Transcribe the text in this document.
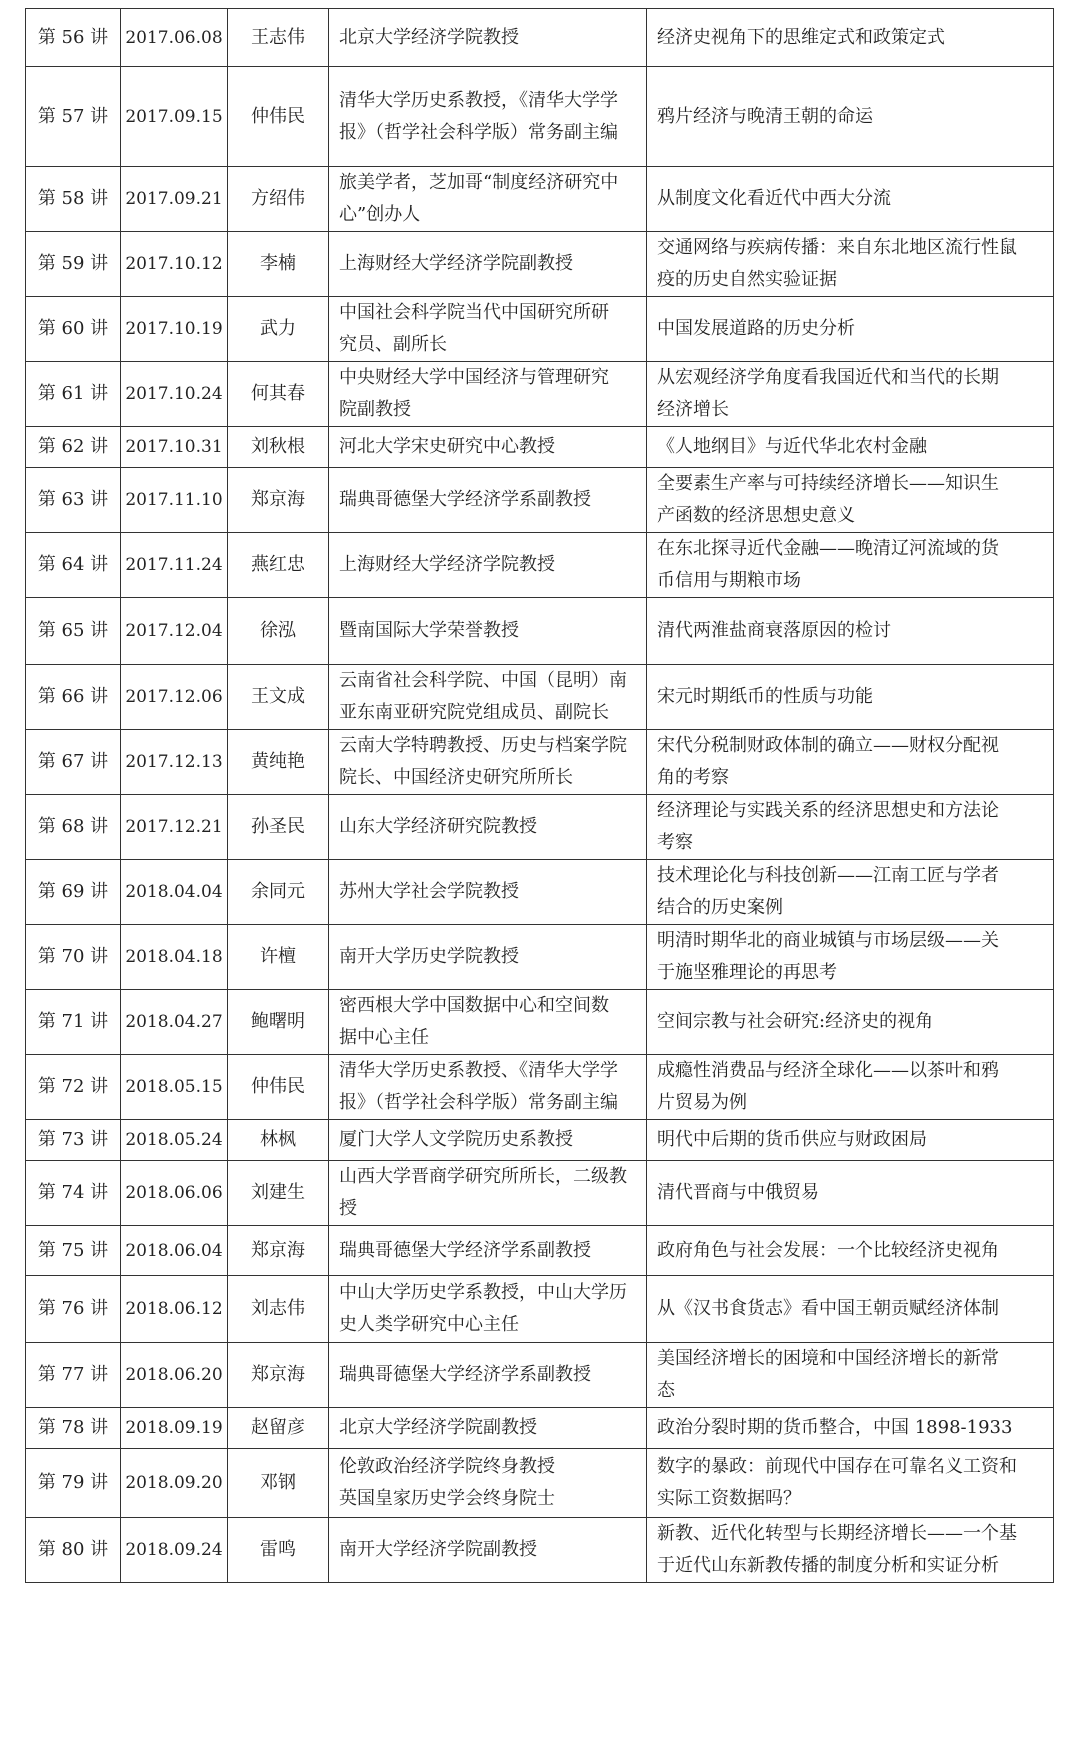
第 56 讲	2017.06.08	王志伟	北京大学经济学院教授	经济史视角下的思维定式和政策定式

第 57 讲	2017.09.15	仲伟民	清华大学历史系教授，《清华大学学
报》（哲学社会科学版）常务副主编	鸦片经济与晚清王朝的命运

第 58 讲	2017.09.21	方绍伟	旅美学者，芝加哥“制度经济研究中
心”创办人	从制度文化看近代中西大分流

第 59 讲	2017.10.12	李楠	上海财经大学经济学院副教授	交通网络与疾病传播：来自东北地区流行性鼠
疫的历史自然实验证据

第 60 讲	2017.10.19	武力	中国社会科学院当代中国研究所研
究员、副所长	中国发展道路的历史分析

第 61 讲	2017.10.24	何其春	中央财经大学中国经济与管理研究
院副教授	从宏观经济学角度看我国近代和当代的长期
经济增长

第 62 讲	2017.10.31	刘秋根	河北大学宋史研究中心教授	《人地纲目》与近代华北农村金融

第 63 讲	2017.11.10	郑京海	瑞典哥德堡大学经济学系副教授	全要素生产率与可持续经济增长——知识生
产函数的经济思想史意义

第 64 讲	2017.11.24	燕红忠	上海财经大学经济学院教授	在东北探寻近代金融——晚清辽河流域的货
币信用与期粮市场

第 65 讲	2017.12.04	徐泓	暨南国际大学荣誉教授	清代两淮盐商衰落原因的检讨

第 66 讲	2017.12.06	王文成	云南省社会科学院、中国（昆明）南
亚东南亚研究院党组成员、副院长	宋元时期纸币的性质与功能

第 67 讲	2017.12.13	黄纯艳	云南大学特聘教授、历史与档案学院
院长、中国经济史研究所所长	宋代分税制财政体制的确立——财权分配视
角的考察

第 68 讲	2017.12.21	孙圣民	山东大学经济研究院教授	经济理论与实践关系的经济思想史和方法论
考察

第 69 讲	2018.04.04	余同元	苏州大学社会学院教授	技术理论化与科技创新——江南工匠与学者
结合的历史案例

第 70 讲	2018.04.18	许檀	南开大学历史学院教授	明清时期华北的商业城镇与市场层级——关
于施坚雅理论的再思考

第 71 讲	2018.04.27	鲍曙明	密西根大学中国数据中心和空间数
据中心主任	空间宗教与社会研究:经济史的视角

第 72 讲	2018.05.15	仲伟民	清华大学历史系教授、《清华大学学
报》（哲学社会科学版）常务副主编	成瘾性消费品与经济全球化——以茶叶和鸦
片贸易为例

第 73 讲	2018.05.24	林枫	厦门大学人文学院历史系教授	明代中后期的货币供应与财政困局

第 74 讲	2018.06.06	刘建生	山西大学晋商学研究所所长，二级教
授	清代晋商与中俄贸易

第 75 讲	2018.06.04	郑京海	瑞典哥德堡大学经济学系副教授	政府角色与社会发展：一个比较经济史视角

第 76 讲	2018.06.12	刘志伟	中山大学历史学系教授，中山大学历
史人类学研究中心主任	从《汉书食货志》看中国王朝贡赋经济体制

第 77 讲	2018.06.20	郑京海	瑞典哥德堡大学经济学系副教授	美国经济增长的困境和中国经济增长的新常
态

第 78 讲	2018.09.19	赵留彦	北京大学经济学院副教授	政治分裂时期的货币整合，中国 1898-1933

第 79 讲	2018.09.20	邓钢	伦敦政治经济学院终身教授
英国皇家历史学会终身院士	数字的暴政：前现代中国存在可靠名义工资和
实际工资数据吗？

第 80 讲	2018.09.24	雷鸣	南开大学经济学院副教授	新教、近代化转型与长期经济增长——一个基
于近代山东新教传播的制度分析和实证分析
